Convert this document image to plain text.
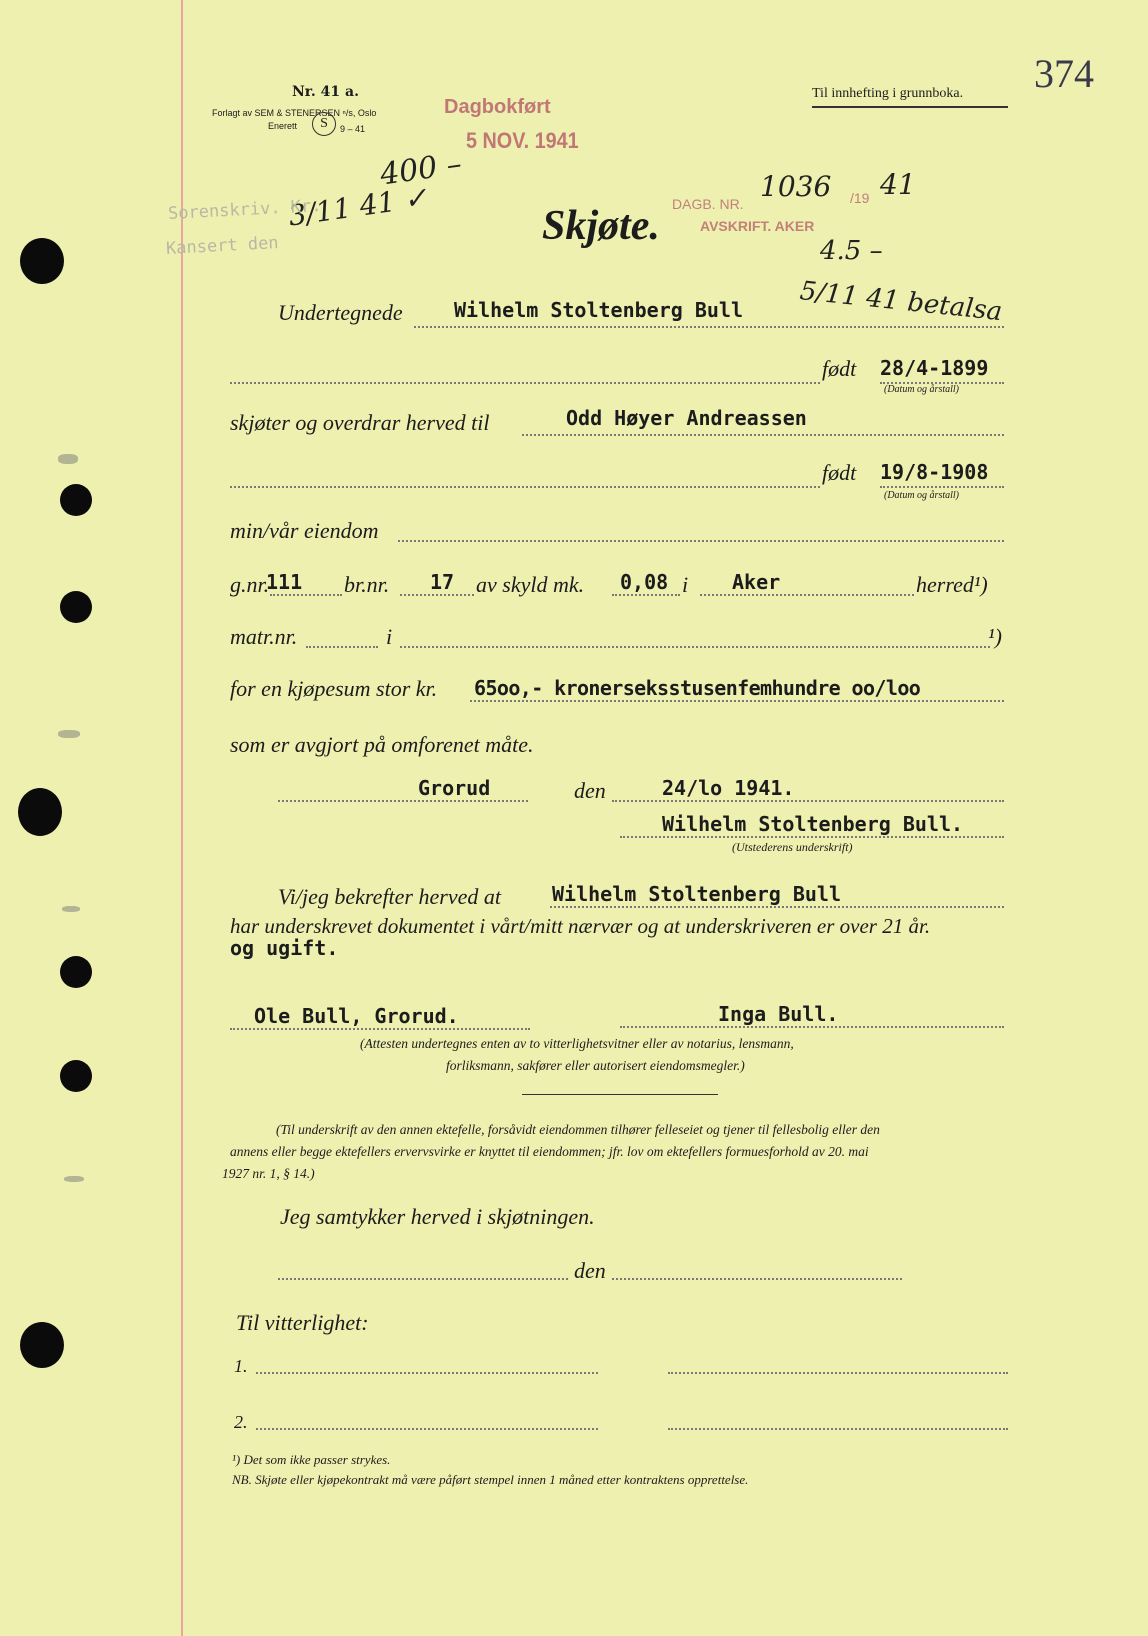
Nr. 41 a.
Forlagt av SEM & STENERSEN ⁿ/s, Oslo
Enerett	S	9 – 41
Dagbokført
5 NOV. 1941
Til innhefting i grunnboka. 374
400 –
3/11 41 ✓
Sorenskriv. Kr.
Kansert den
DAGB. NR.
1036 /19 41
AVSKRIFT. AKER
4.5 –
5/11 41 betalsa
Skjøte.
Undertegnede	Wilhelm Stoltenberg Bull
født 28/4-1899
(Datum og årstall)
skjøter og overdrar herved til	Odd Høyer Andreassen
født 19/8-1908
(Datum og årstall)
min/vår eiendom
g.nr.
111 br.nr. 17 av skyld mk. 0,08 i Aker	herred¹)
matr.nr.	i	¹)
for en kjøpesum stor kr. 65oo,- kronerseksstusenfemhundre oo/loo
som er avgjort på omforenet måte.
Grorud	den	24/lo 1941.
Wilhelm Stoltenberg Bull.
(Utstederens underskrift)
Vi/jeg bekrefter herved at	Wilhelm Stoltenberg Bull
har underskrevet dokumentet i vårt/mitt nærvær og at underskriveren er over 21 år.
og ugift.
Ole Bull, Grorud.	Inga Bull.
(Attesten undertegnes enten av to vitterlighetsvitner eller av notarius, lensmann,
forliksmann, sakfører eller autorisert eiendomsmegler.)
(Til underskrift av den annen ektefelle, forsåvidt eiendommen tilhører felleseiet og tjener til fellesbolig eller den
annens eller begge ektefellers ervervsvirke er knyttet til eiendommen; jfr. lov om ektefellers formuesforhold av 20. mai
1927 nr. 1, § 14.)
Jeg samtykker herved i skjøtningen.
den
Til vitterlighet:
1.
2.
¹) Det som ikke passer strykes.
NB. Skjøte eller kjøpekontrakt må være påført stempel innen 1 måned etter kontraktens opprettelse.
